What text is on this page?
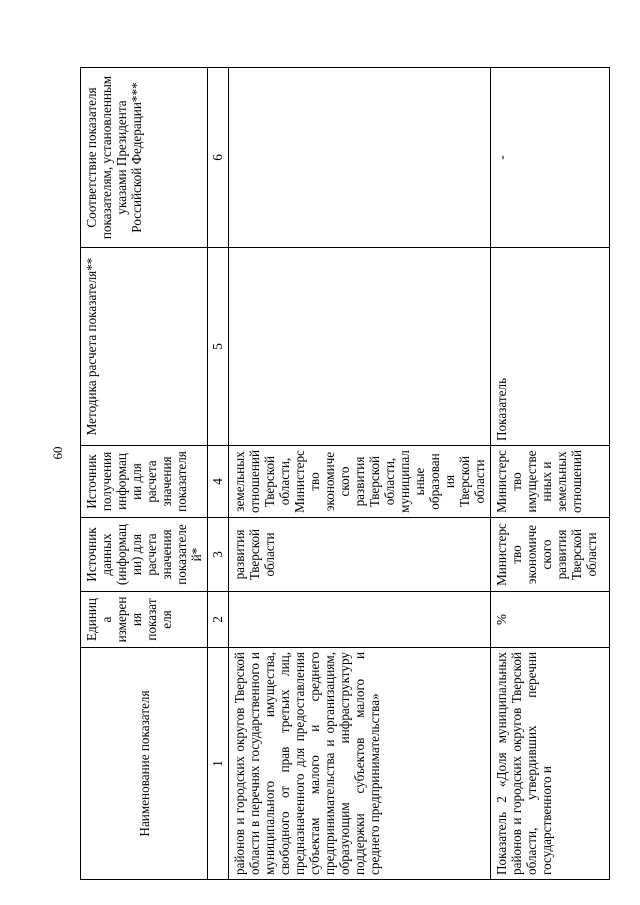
60
Наименование показателя	Единица измерения показателя	Источник данных (информации) для расчета значения показателей*	Источник получения информации для расчета значения показателя	Методика расчета показателя**	Соответствие показателя показателям, установленным указами Президента Российской Федерации***
1	2	3	4	5	6
районов и городских округов Тверской области в перечнях государственного и муниципального имущества, свободного от прав третьих лиц, предназначенного для предоставления субъектам малого и среднего предпринимательства и организациям, образующим инфраструктуру поддержки субъектов малого и среднего предпринимательства»		развития Тверской области	земельных отношений Тверской области, Министерство экономического развития Тверской области, муниципальные образования Тверской области		
Показатель 2 «Доля муниципальных районов и городских округов Тверской области, утвердивших перечни государственного и	%	Министерство экономического развития Тверской области	Министерство имущественных и земельных отношений	Показатель	-
